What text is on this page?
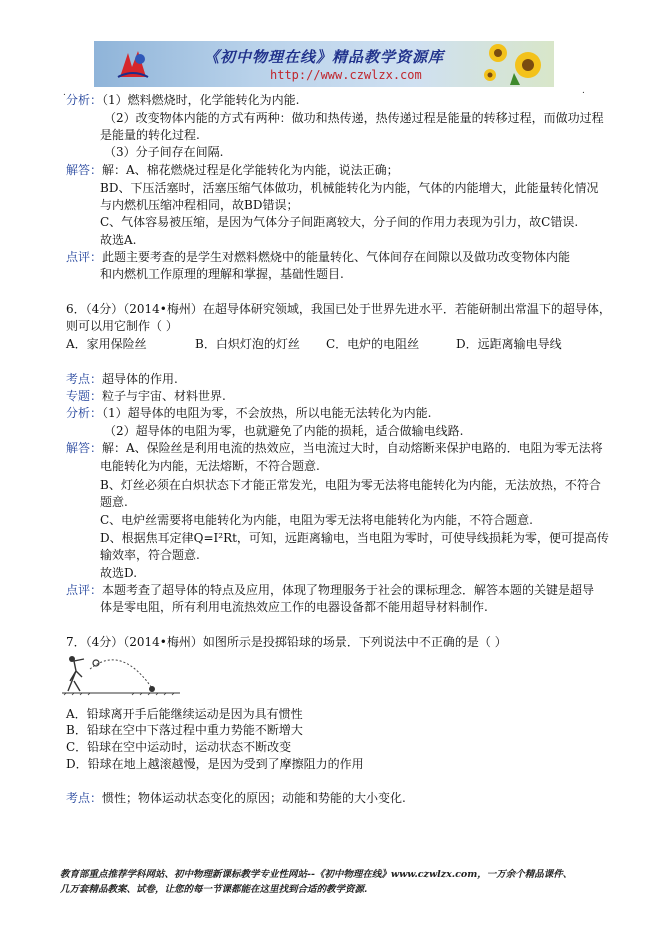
《初中物理在线》精品教学资源库
http://www.czwlzx.com
.	.
分析：（1）燃料燃烧时，化学能转化为内能.
（2）改变物体内能的方式有两种：做功和热传递，热传递过程是能量的转移过程，而做功过程
是能量的转化过程.
（3）分子间存在间隔.
解答：解：A、棉花燃烧过程是化学能转化为内能，说法正确；
BD、下压活塞时，活塞压缩气体做功，机械能转化为内能，气体的内能增大，此能量转化情况
与内燃机压缩冲程相同，故BD错误；
C、气体容易被压缩，是因为气体分子间距离较大，分子间的作用力表现为引力，故C错误.
故选A.
点评：此题主要考查的是学生对燃料燃烧中的能量转化、气体间存在间隙以及做功改变物体内能
和内燃机工作原理的理解和掌握，基础性题目.
6．（4分）（2014•梅州）在超导体研究领域，我国已处于世界先进水平．若能研制出常温下的超导体，
则可以用它制作（ ）
A．家用保险丝	B．白炽灯泡的灯丝 C．电炉的电阻丝	D．远距离输电导线
考点：超导体的作用.
专题：粒子与宇宙、材料世界.
分析：（1）超导体的电阻为零，不会放热，所以电能无法转化为内能.
（2）超导体的电阻为零，也就避免了内能的损耗，适合做输电线路.
解答：解：A、保险丝是利用电流的热效应，当电流过大时，自动熔断来保护电路的．电阻为零无法将
电能转化为内能，无法熔断，不符合题意.
B、灯丝必须在白炽状态下才能正常发光，电阻为零无法将电能转化为内能，无法放热，不符合
题意.
C、电炉丝需要将电能转化为内能，电阻为零无法将电能转化为内能，不符合题意.
D、根据焦耳定律Q=I²Rt，可知，远距离输电，当电阻为零时，可使导线损耗为零，便可提高传
输效率，符合题意.
故选D.
点评：本题考查了超导体的特点及应用，体现了物理服务于社会的课标理念．解答本题的关键是超导
体是零电阻，所有利用电流热效应工作的电器设备都不能用超导材料制作.
7．（4分）（2014•梅州）如图所示是投掷铅球的场景．下列说法中不正确的是（ ）
A．铅球离开手后能继续运动是因为具有惯性
B．铅球在空中下落过程中重力势能不断增大
C．铅球在空中运动时，运动状态不断改变
D．铅球在地上越滚越慢，是因为受到了摩擦阻力的作用
考点：惯性；物体运动状态变化的原因；动能和势能的大小变化.
教育部重点推荐学科网站、初中物理新课标教学专业性网站--《初中物理在线》www.czwlzx.com，一万余个精品课件、
几万套精品教案、试卷，让您的每一节课都能在这里找到合适的教学资源.
